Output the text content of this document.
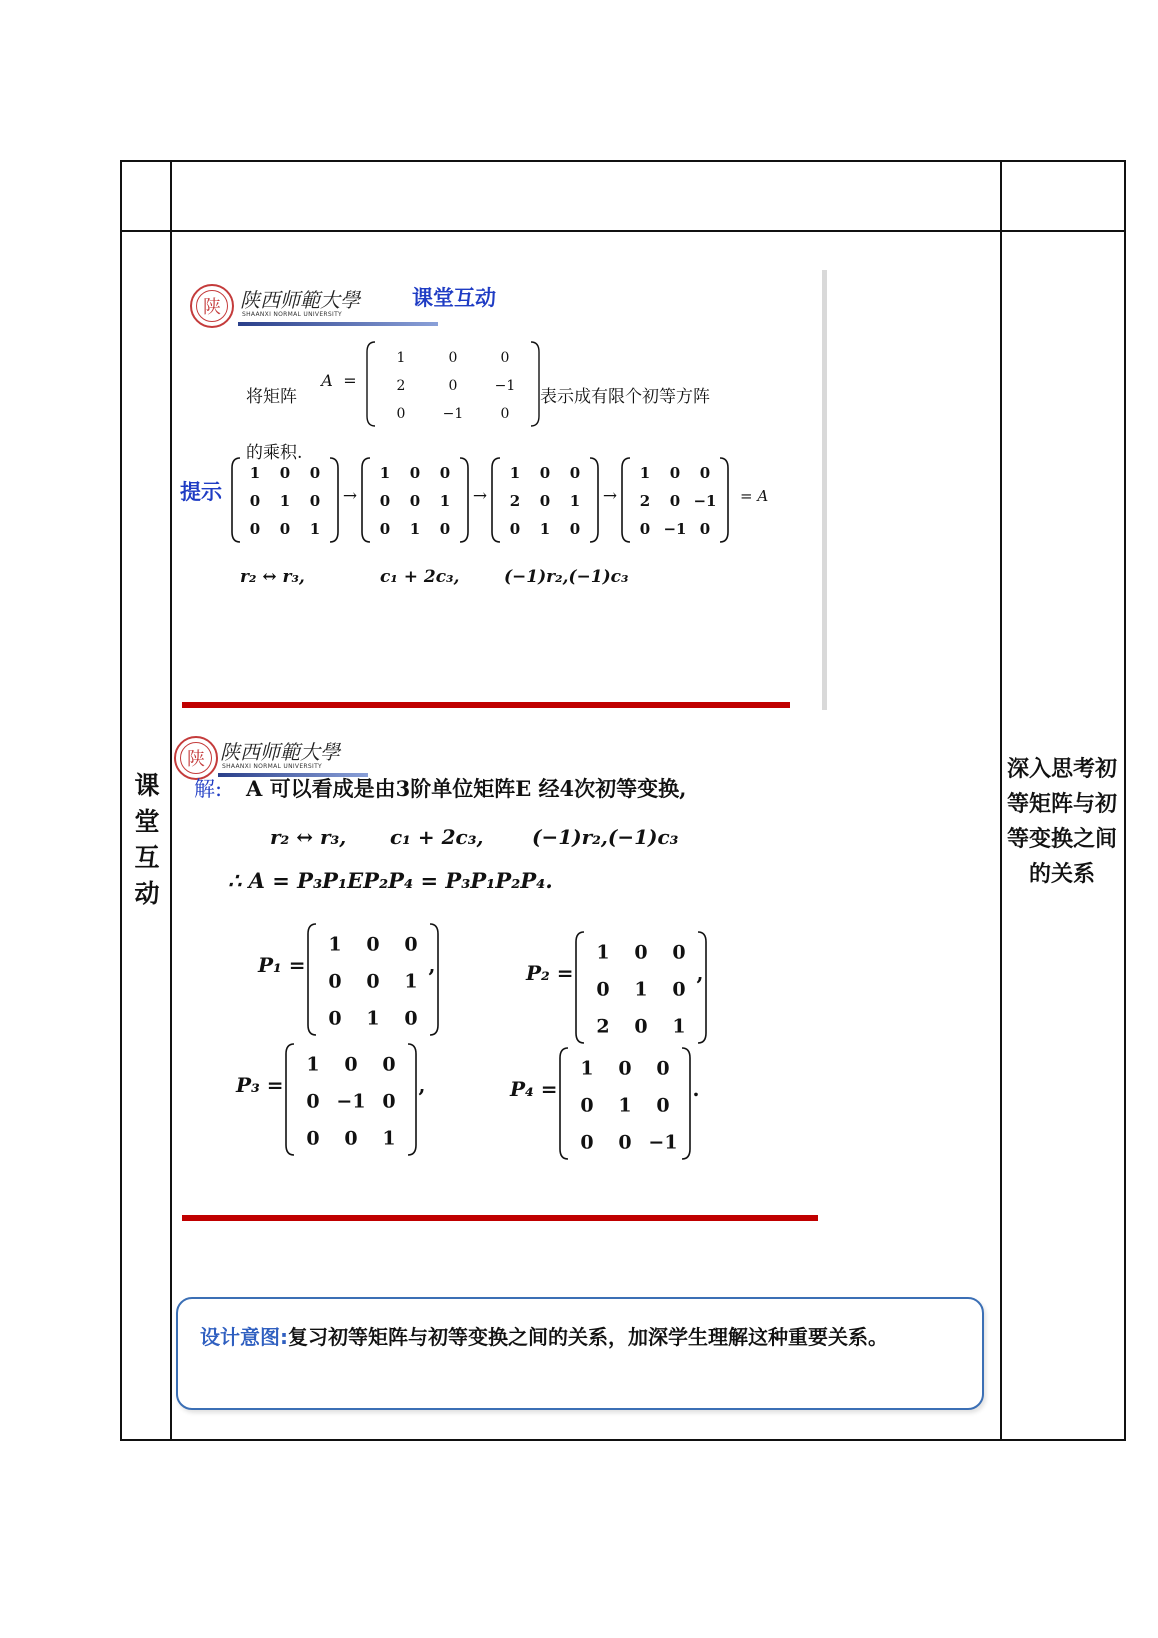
课
堂
互
动
深入思考初等矩阵与初等变换之间的关系
陕 陕西师範大學
SHAANXI NORMAL UNIVERSITY
课堂互动
将矩阵	表示成有限个初等方阵
的乘积.
提示
A =
1	0	0
2	0	−1
0	−1	0
1 0 0
0 1 0
0 0 1
→
1 0 0
0 0 1
0 1 0
→
1 0 0
2 0 1
0 1 0
→
1 0 0
2 0 −1
0 −1 0
= A
r₂ ↔ r₃,	c₁ + 2c₃,	(−1)r₂,(−1)c₃
陕 陕西师範大學
SHAANXI NORMAL UNIVERSITY
解: A 可以看成是由3阶单位矩阵E 经4次初等变换,
r₂ ↔ r₃, c₁ + 2c₃, (−1)r₂,(−1)c₃
∴ A = P₃P₁EP₂P₄ = P₃P₁P₂P₄.
P₁ =
1 0 0
0 0 1
0 1 0
P₂ =
1 0 0
0 1 0
2 0 1
P₃ =
1 0 0
0 −1 0
0 0 1
P₄ =
1 0 0
0 1 0
0 0 −1
,	,
,	.
设计意图:复习初等矩阵与初等变换之间的关系，加深学生理解这种重要关系。
